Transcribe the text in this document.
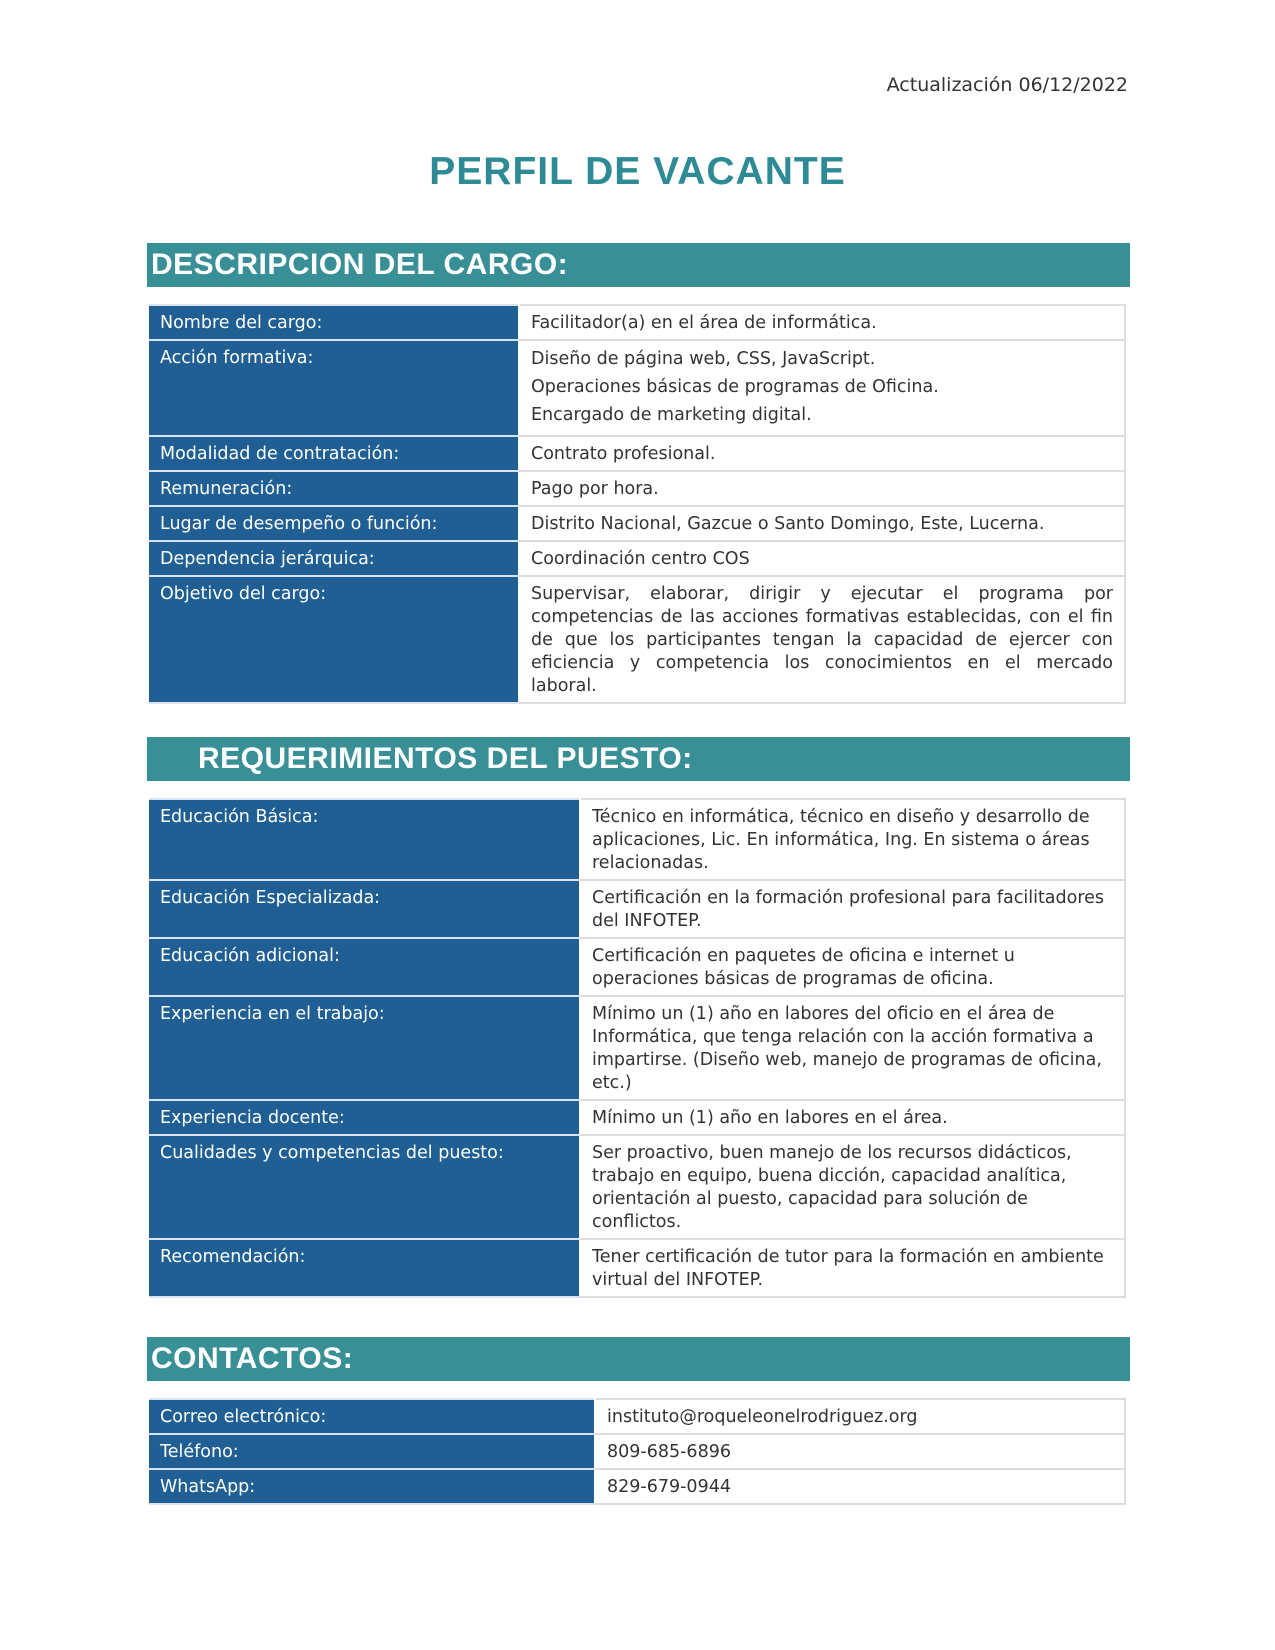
Actualización 06/12/2022
PERFIL DE VACANTE
DESCRIPCION DEL CARGO:
Nombre del cargo:	Facilitador(a) en el área de informática.
Acción formativa:	Diseño de página web, CSS, JavaScript.

Operaciones básicas de programas de Oficina.

Encargado de marketing digital.

Modalidad de contratación:	Contrato profesional.
Remuneración:	Pago por hora.
Lugar de desempeño o función:	Distrito Nacional, Gazcue o Santo Domingo, Este, Lucerna.
Dependencia jerárquica:	Coordinación centro COS
Objetivo del cargo:	Supervisar, elaborar, dirigir y ejecutar el programa por competencias de las acciones formativas establecidas, con el fin de que los participantes tengan la capacidad de ejercer con eficiencia y competencia los conocimientos en el mercado laboral.
REQUERIMIENTOS DEL PUESTO:
Educación Básica:	Técnico en informática, técnico en diseño y desarrollo de aplicaciones, Lic. En informática, Ing. En sistema o áreas relacionadas.
Educación Especializada:	Certificación en la formación profesional para facilitadores del INFOTEP.
Educación adicional:	Certificación en paquetes de oficina e internet u operaciones básicas de programas de oficina.
Experiencia en el trabajo:	Mínimo un (1) año en labores del oficio en el área de Informática, que tenga relación con la acción formativa a impartirse. (Diseño web, manejo de programas de oficina, etc.)
Experiencia docente:	Mínimo un (1) año en labores en el área.
Cualidades y competencias del puesto:	Ser proactivo, buen manejo de los recursos didácticos, trabajo en equipo, buena dicción, capacidad analítica, orientación al puesto, capacidad para solución de conflictos.
Recomendación:	Tener certificación de tutor para la formación en ambiente virtual del INFOTEP.
CONTACTOS:
Correo electrónico:	instituto@roqueleonelrodriguez.org
Teléfono:	809-685-6896
WhatsApp:	829-679-0944
